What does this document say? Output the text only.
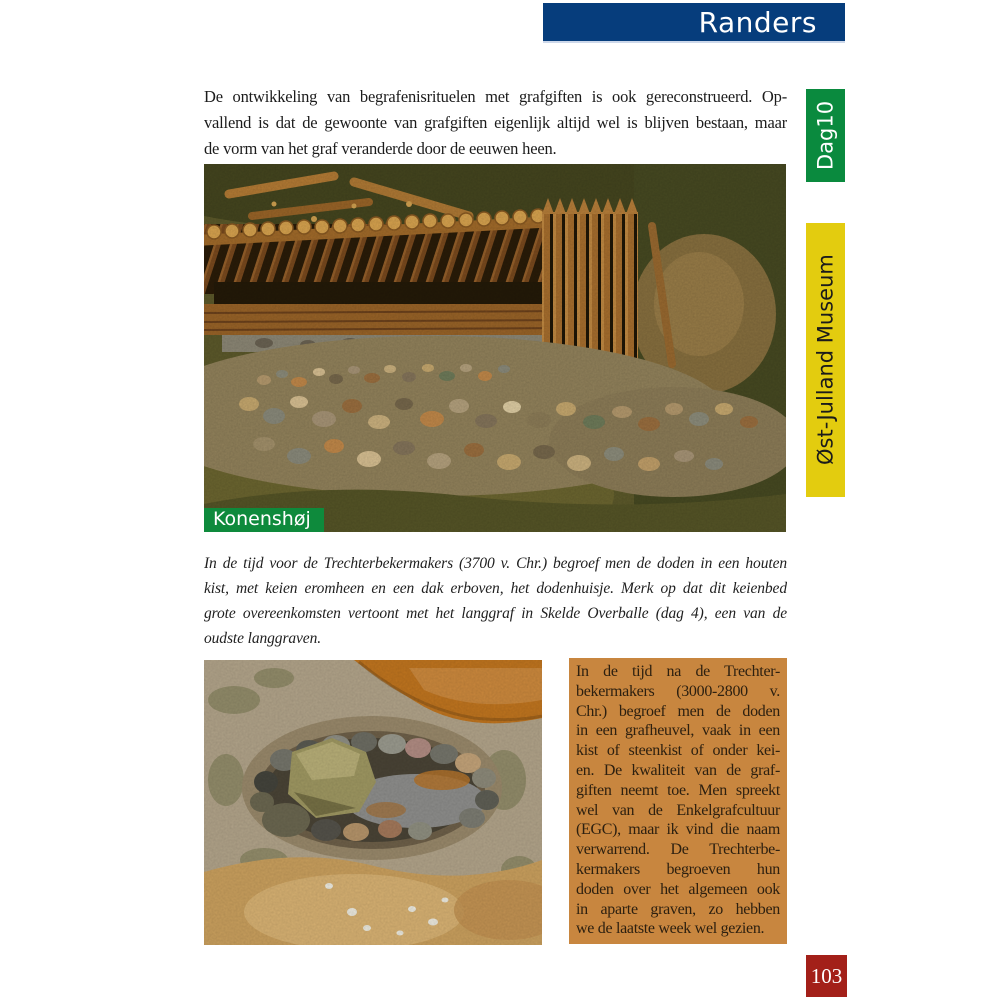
Randers
Dag10
Øst-Julland Museum
103
De ontwikkeling van begrafenisrituelen met grafgiften is ook gereconstrueerd. Op-
vallend is dat de gewoonte van grafgiften eigenlijk altijd wel is blijven bestaan, maar
de vorm van het graf veranderde door de eeuwen heen.
Konenshøj
In de tijd voor de Trechterbekermakers (3700 v. Chr.) begroef men de doden in een houten
kist, met keien eromheen en een dak erboven, het dodenhuisje. Merk op dat dit keienbed
grote overeenkomsten vertoont met het langgraf in Skelde Overballe (dag 4), een van de
oudste langgraven.
In de tijd na de Trechter-
bekermakers (3000-2800 v.
Chr.) begroef men de doden
in een grafheuvel, vaak in een
kist of steenkist of onder kei-
en. De kwaliteit van de graf-
giften neemt toe. Men spreekt
wel van de Enkelgrafcultuur
(EGC), maar ik vind die naam
verwarrend. De Trechterbe-
kermakers begroeven hun
doden over het algemeen ook
in aparte graven, zo hebben
we de laatste week wel gezien.
